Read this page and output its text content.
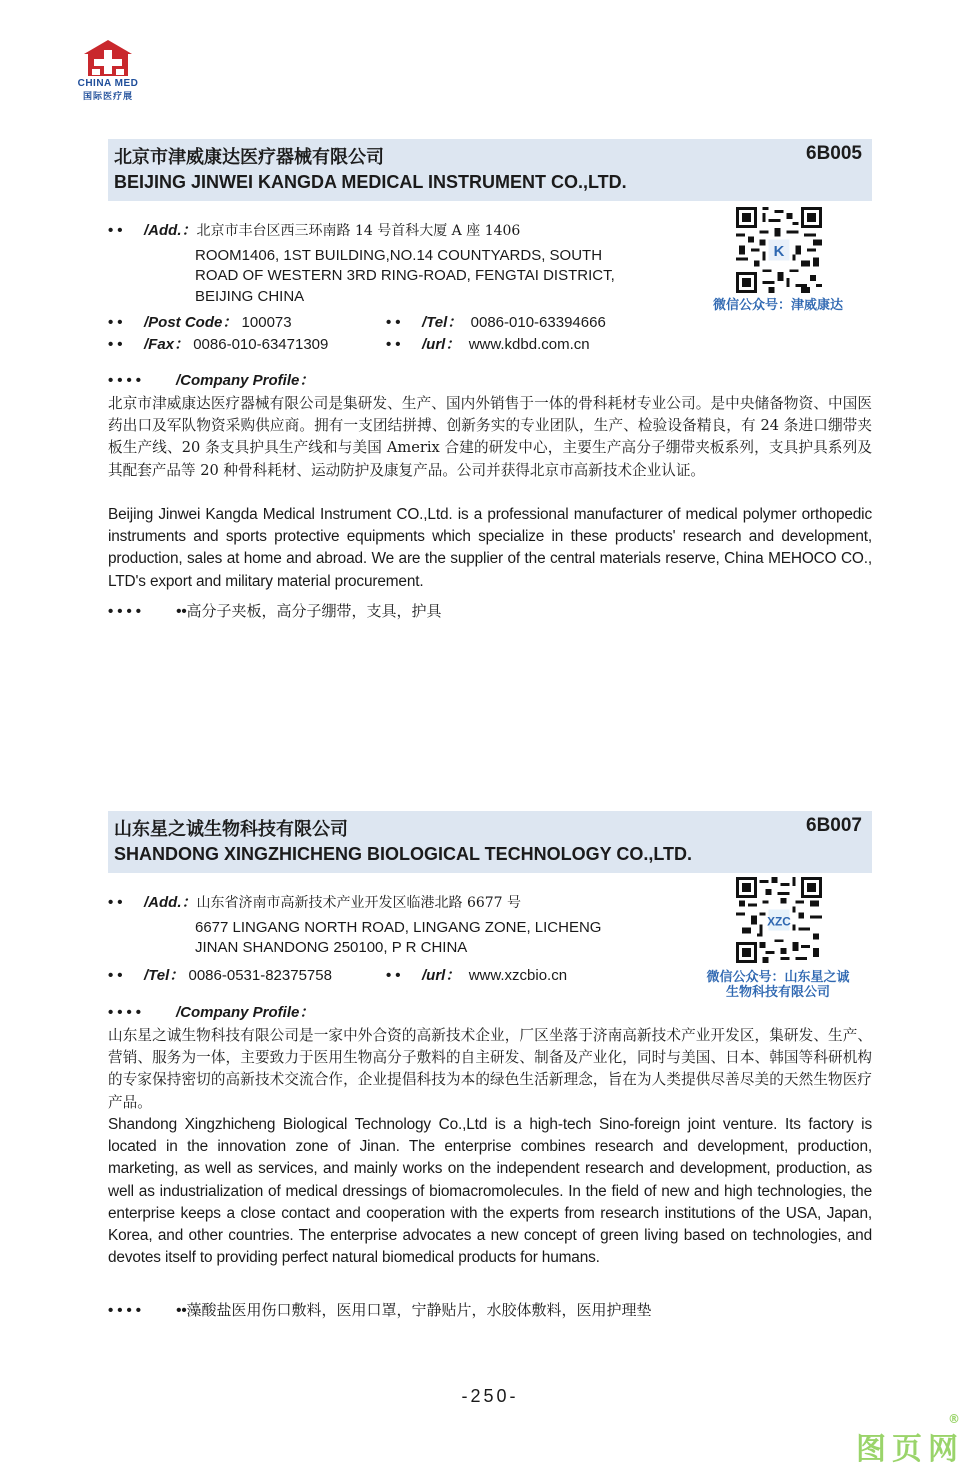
CHINA MED
国际医疗展
北京市津威康达医疗器械有限公司
BEIJING JINWEI KANGDA MEDICAL INSTRUMENT CO.,LTD.
6B005
•• /Add.：北京市丰台区西三环南路 14 号首科大厦 A 座 1406
ROOM1406, 1ST BUILDING,NO.14 COUNTYARDS, SOUTH
ROAD OF WESTERN 3RD RING-ROAD, FENGTAI DISTRICT,
BEIJING CHINA
•• /Post Code： 100073	•• /Tel： 0086-010-63394666
•• /Fax： 0086-010-63471309	•• /url： www.kdbd.com.cn
K
微信公众号：津威康达
•••• /Company Profile：
北京市津威康达医疗器械有限公司是集研发、生产、国内外销售于一体的骨科耗材专业公司。是中央储备物资、中国医药出口及军队物资采购供应商。拥有一支团结拼搏、创新务实的专业团队，生产、检验设备精良，有 24 条进口绷带夹板生产线、20 条支具护具生产线和与美国 Amerix 合建的研发中心，主要生产高分子绷带夹板系列，支具护具系列及其配套产品等 20 种骨科耗材、运动防护及康复产品。公司并获得北京市高新技术企业认证。
Beijing Jinwei Kangda Medical Instrument CO.,Ltd. is a professional manufacturer of medical polymer orthopedic instruments and sports protective equipments which specialize in these products' research and development, production, sales at home and abroad. We are the supplier of the central materials reserve, China MEHOCO CO., LTD's export and military material procurement.
•••• ••高分子夹板，高分子绷带，支具，护具
山东星之诚生物科技有限公司
SHANDONG XINGZHICHENG BIOLOGICAL TECHNOLOGY CO.,LTD.
6B007
•• /Add.：山东省济南市高新技术产业开发区临港北路 6677 号
6677 LINGANG NORTH ROAD, LINGANG ZONE, LICHENG
JINAN SHANDONG 250100, P R CHINA
•• /Tel： 0086-0531-82375758	•• /url： www.xzcbio.cn
XZC
微信公众号：山东星之诚
生物科技有限公司
•••• /Company Profile：
山东星之诚生物科技有限公司是一家中外合资的高新技术企业，厂区坐落于济南高新技术产业开发区，集研发、生产、营销、服务为一体，主要致力于医用生物高分子敷料的自主研发、制备及产业化，同时与美国、日本、韩国等科研机构的专家保持密切的高新技术交流合作，企业提倡科技为本的绿色生活新理念，旨在为人类提供尽善尽美的天然生物医疗产品。
Shandong Xingzhicheng Biological Technology Co.,Ltd is a high-tech Sino-foreign joint venture. Its factory is located in the innovation zone of Jinan. The enterprise combines research and development, production, marketing, as well as services, and mainly works on the independent research and development, production, as well as industrialization of medical dressings of biomacromolecules. In the field of new and high technologies, the enterprise keeps a close contact and cooperation with the experts from research institutions of the USA, Japan, Korea, and other countries. The enterprise advocates a new concept of green living based on technologies, and devotes itself to providing perfect natural biomedical products for humans.
•••• ••藻酸盐医用伤口敷料，医用口罩，宁静贴片，水胶体敷料，医用护理垫
-250-
图页网
®
